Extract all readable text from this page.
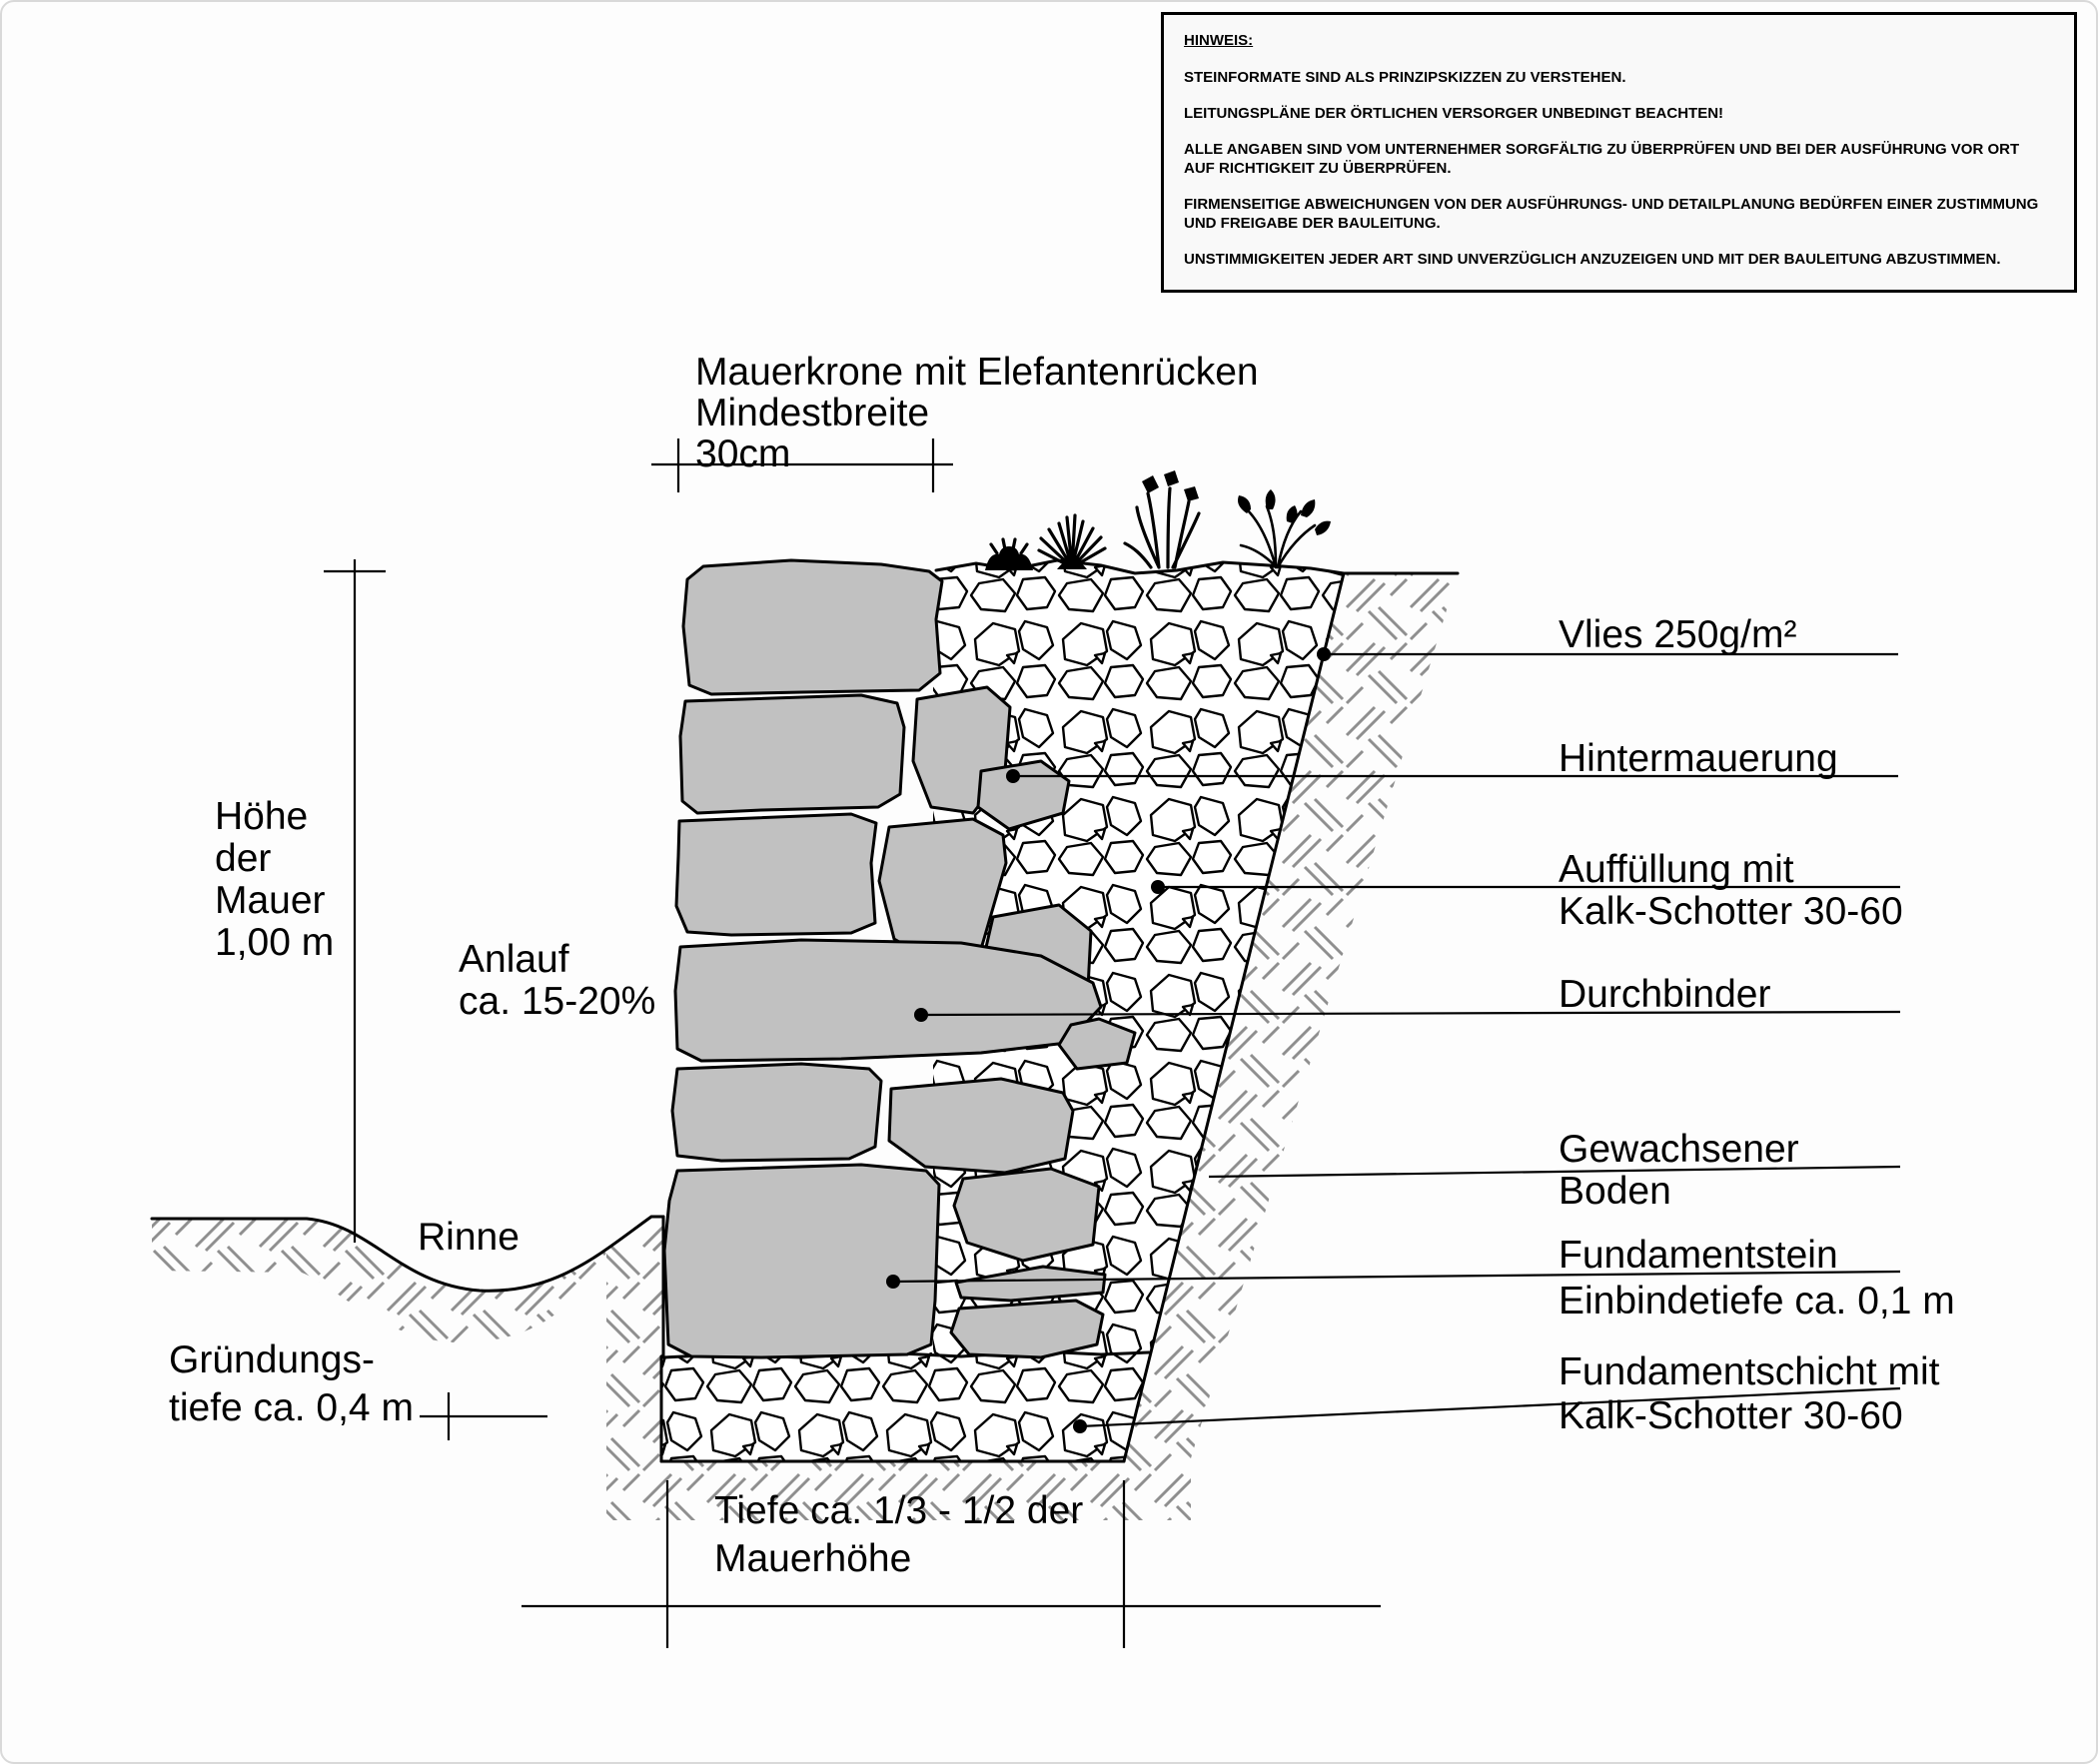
HINWEIS:

STEINFORMATE SIND ALS PRINZIPSKIZZEN ZU VERSTEHEN.

LEITUNGSPLÄNE DER ÖRTLICHEN VERSORGER UNBEDINGT BEACHTEN!

ALLE ANGABEN SIND VOM UNTERNEHMER SORGFÄLTIG ZU ÜBERPRÜFEN UND BEI DER AUSFÜHRUNG VOR ORT AUF RICHTIGKEIT ZU ÜBERPRÜFEN.

FIRMENSEITIGE ABWEICHUNGEN VON DER AUSFÜHRUNGS- UND DETAILPLANUNG BEDÜRFEN EINER ZUSTIMMUNG UND FREIGABE DER BAULEITUNG.

UNSTIMMIGKEITEN JEDER ART SIND UNVERZÜGLICH ANZUZEIGEN UND MIT DER BAULEITUNG ABZUSTIMMEN.

Mauerkrone mit Elefantenrücken
Mindestbreite
30cm
Höhe
der
Mauer
1,00 m	Anlauf
ca. 15-20%
Rinne
Gründungs-
tiefe ca. 0,4 m
Tiefe ca. 1/3 - 1/2 der
Mauerhöhe
Vlies 250g/m²
Hintermauerung
Auffüllung mit
Kalk-Schotter 30-60
Durchbinder
Gewachsener
Boden
Fundamentstein
Einbindetiefe ca. 0,1 m
Fundamentschicht mit
Kalk-Schotter 30-60
